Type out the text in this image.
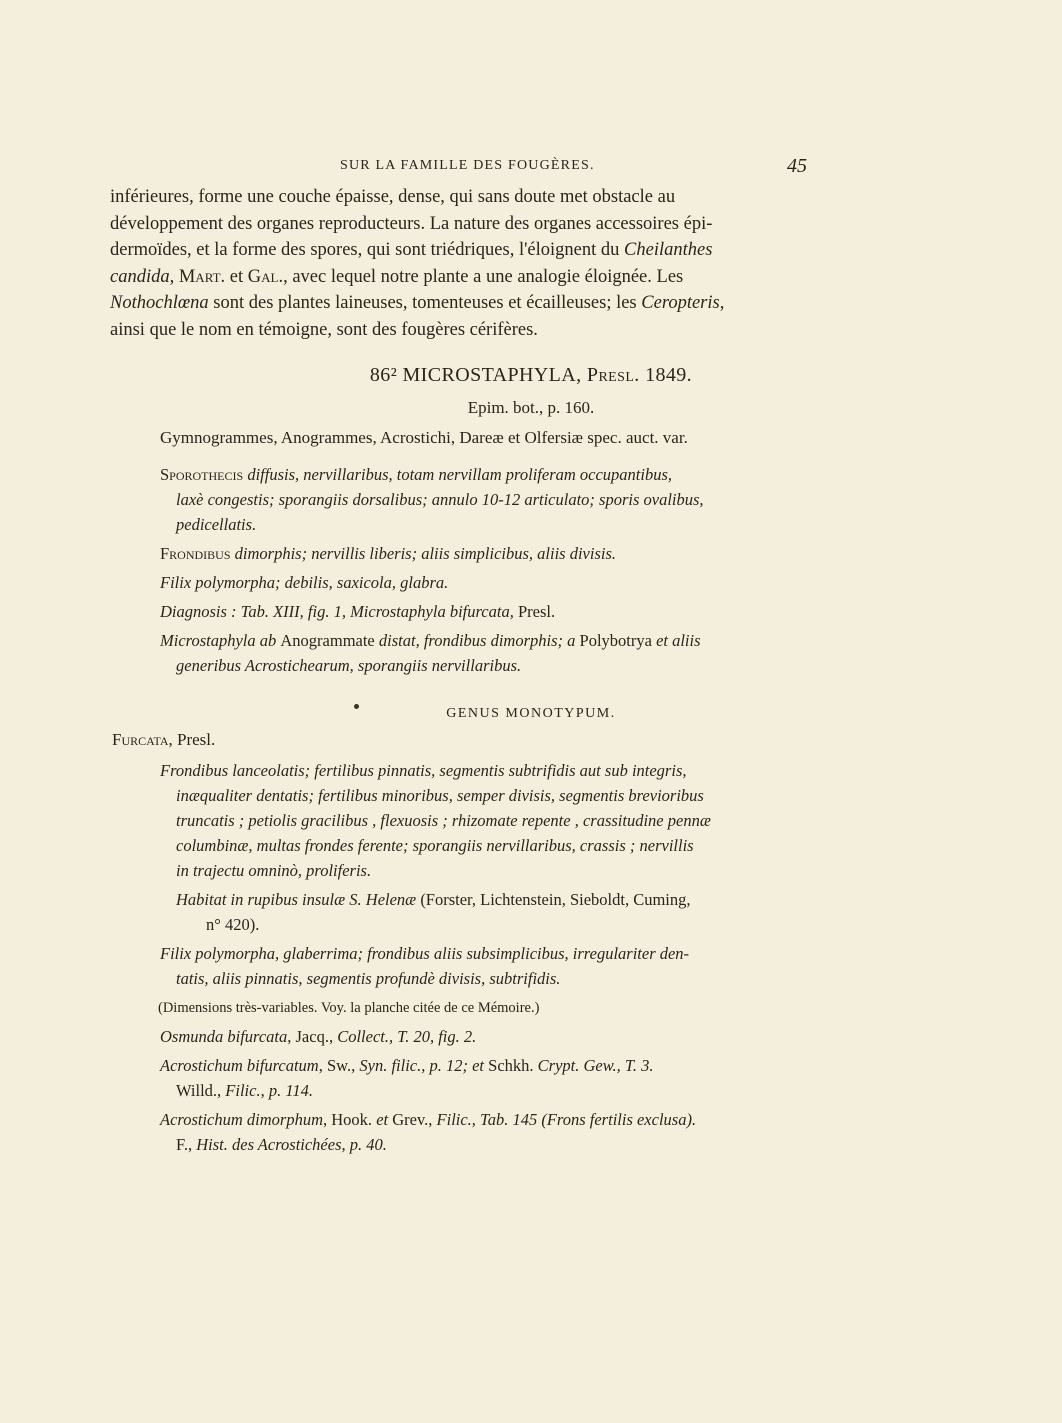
SUR LA FAMILLE DES FOUGÈRES.	45

inférieures, forme une couche épaisse, dense, qui sans doute met obstacle au

développement des organes reproducteurs. La nature des organes accessoires épi-

dermoïdes, et la forme des spores, qui sont triédriques, l'éloignent du Cheilanthes

candida, Mart. et Gal., avec lequel notre plante a une analogie éloignée. Les

Nothochlœna sont des plantes laineuses, tomenteuses et écailleuses; les Ceropteris,

ainsi que le nom en témoigne, sont des fougères cérifères.

86² MICROSTAPHYLA, Presl. 1849.
Epim. bot., p. 160.
Gymnogrammes, Anogrammes, Acrostichi, Dareæ et Olfersiæ spec. auct. var.

Sporothecis diffusis, nervillaribus, totam nervillam proliferam occupantibus,

laxè congestis; sporangiis dorsalibus; annulo 10-12 articulato; sporis ovalibus,

pedicellatis.

Frondibus dimorphis; nervillis liberis; aliis simplicibus, aliis divisis.

Filix polymorpha; debilis, saxicola, glabra.

Diagnosis : Tab. XIII, fig. 1, Microstaphyla bifurcata, Presl.

Microstaphyla ab Anogrammate distat, frondibus dimorphis; a Polybotrya et aliis

generibus Acrostichearum, sporangiis nervillaribus.

GENUS MONOTYPUM.
Furcata, Presl.

Frondibus lanceolatis; fertilibus pinnatis, segmentis subtrifidis aut sub integris,

inæqualiter dentatis; fertilibus minoribus, semper divisis, segmentis brevioribus

truncatis ; petiolis gracilibus , flexuosis ; rhizomate repente , crassitudine pennæ

columbinæ, multas frondes ferente; sporangiis nervillaribus, crassis ; nervillis

in trajectu omninò, proliferis.

Habitat in rupibus insulæ S. Helenæ (Forster, Lichtenstein, Sieboldt, Cuming,

n° 420).

Filix polymorpha, glaberrima; frondibus aliis subsimplicibus, irregulariter den-

tatis, aliis pinnatis, segmentis profundè divisis, subtrifidis.

(Dimensions très-variables. Voy. la planche citée de ce Mémoire.)

Osmunda bifurcata, Jacq., Collect., T. 20, fig. 2.

Acrostichum bifurcatum, Sw., Syn. filic., p. 12; et Schkh. Crypt. Gew., T. 3.

Willd., Filic., p. 114.

Acrostichum dimorphum, Hook. et Grev., Filic., Tab. 145 (Frons fertilis exclusa).

F., Hist. des Acrostichées, p. 40.
